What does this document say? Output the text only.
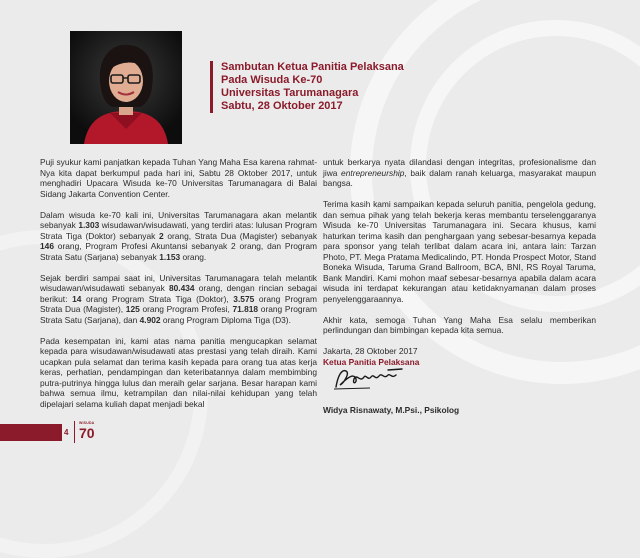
Sambutan Ketua Panitia Pelaksana
Pada Wisuda Ke-70
Universitas Tarumanagara
Sabtu, 28 Oktober 2017

Puji syukur kami panjatkan kepada Tuhan Yang Maha Esa karena rahmat-Nya kita dapat berkumpul pada hari ini, Sabtu 28 Oktober 2017, untuk menghadiri Upacara Wisuda ke-70 Universitas Tarumanagara di Balai Sidang Jakarta Convention Center.

Dalam wisuda ke-70 kali ini, Universitas Tarumanagara akan melantik sebanyak 1.303 wisudawan/wisudawati, yang terdiri atas: lulusan Program Strata Tiga (Doktor) sebanyak 2 orang, Strata Dua (Magister) sebanyak 146 orang, Program Profesi Akuntansi sebanyak 2 orang, dan Program Strata Satu (Sarjana) sebanyak 1.153 orang.

Sejak berdiri sampai saat ini, Universitas Tarumanagara telah melantik wisudawan/wisudawati sebanyak 80.434 orang, dengan rincian sebagai berikut: 14 orang Program Strata Tiga (Doktor), 3.575 orang Program Strata Dua (Magister), 125 orang Program Profesi, 71.818 orang Program Strata Satu (Sarjana), dan 4.902 orang Program Diploma Tiga (D3).

Pada kesempatan ini, kami atas nama panitia mengucapkan selamat kepada para wisudawan/wisudawati atas prestasi yang telah diraih. Kami ucapkan pula selamat dan terima kasih kepada para orang tua atas kerja keras, perhatian, pendampingan dan keteribatannya dalam membimbing putra-putrinya hingga lulus dan meraih gelar sarjana. Besar harapan kami bahwa semua ilmu, ketrampilan dan nilai-nilai kehidupan yang telah dipelajari selama kuliah dapat menjadi bekal

untuk berkarya nyata dilandasi dengan integritas, profesionalisme dan jiwa entrepreneurship, baik dalam ranah keluarga, masyarakat maupun bangsa.

Terima kasih kami sampaikan kepada seluruh panitia, pengelola gedung, dan semua pihak yang telah bekerja keras membantu terselenggaranya Wisuda ke-70 Universitas Tarumanagara ini. Secara khusus, kami haturkan terima kasih dan penghargaan yang sebesar-besarnya kepada para sponsor yang telah terlibat dalam acara ini, antara lain: Tarzan Photo, PT. Mega Pratama Medicalindo, PT. Honda Prospect Motor, Stand Boneka Wisuda, Taruma Grand Ballroom, BCA, BNI, RS Royal Taruma, Bank Mandiri. Kami mohon maaf sebesar-besarnya apabila dalam acara wisuda ini terdapat kekurangan atau ketidaknyamanan dalam proses penyelenggaraannya.

Akhir kata, semoga Tuhan Yang Maha Esa selalu memberikan perlindungan dan bimbingan kepada kita semua.

Jakarta, 28 Oktober 2017

Ketua Panitia Pelaksana

Widya Risnawaty, M.Psi., Psikolog
4
WISUDA
70
